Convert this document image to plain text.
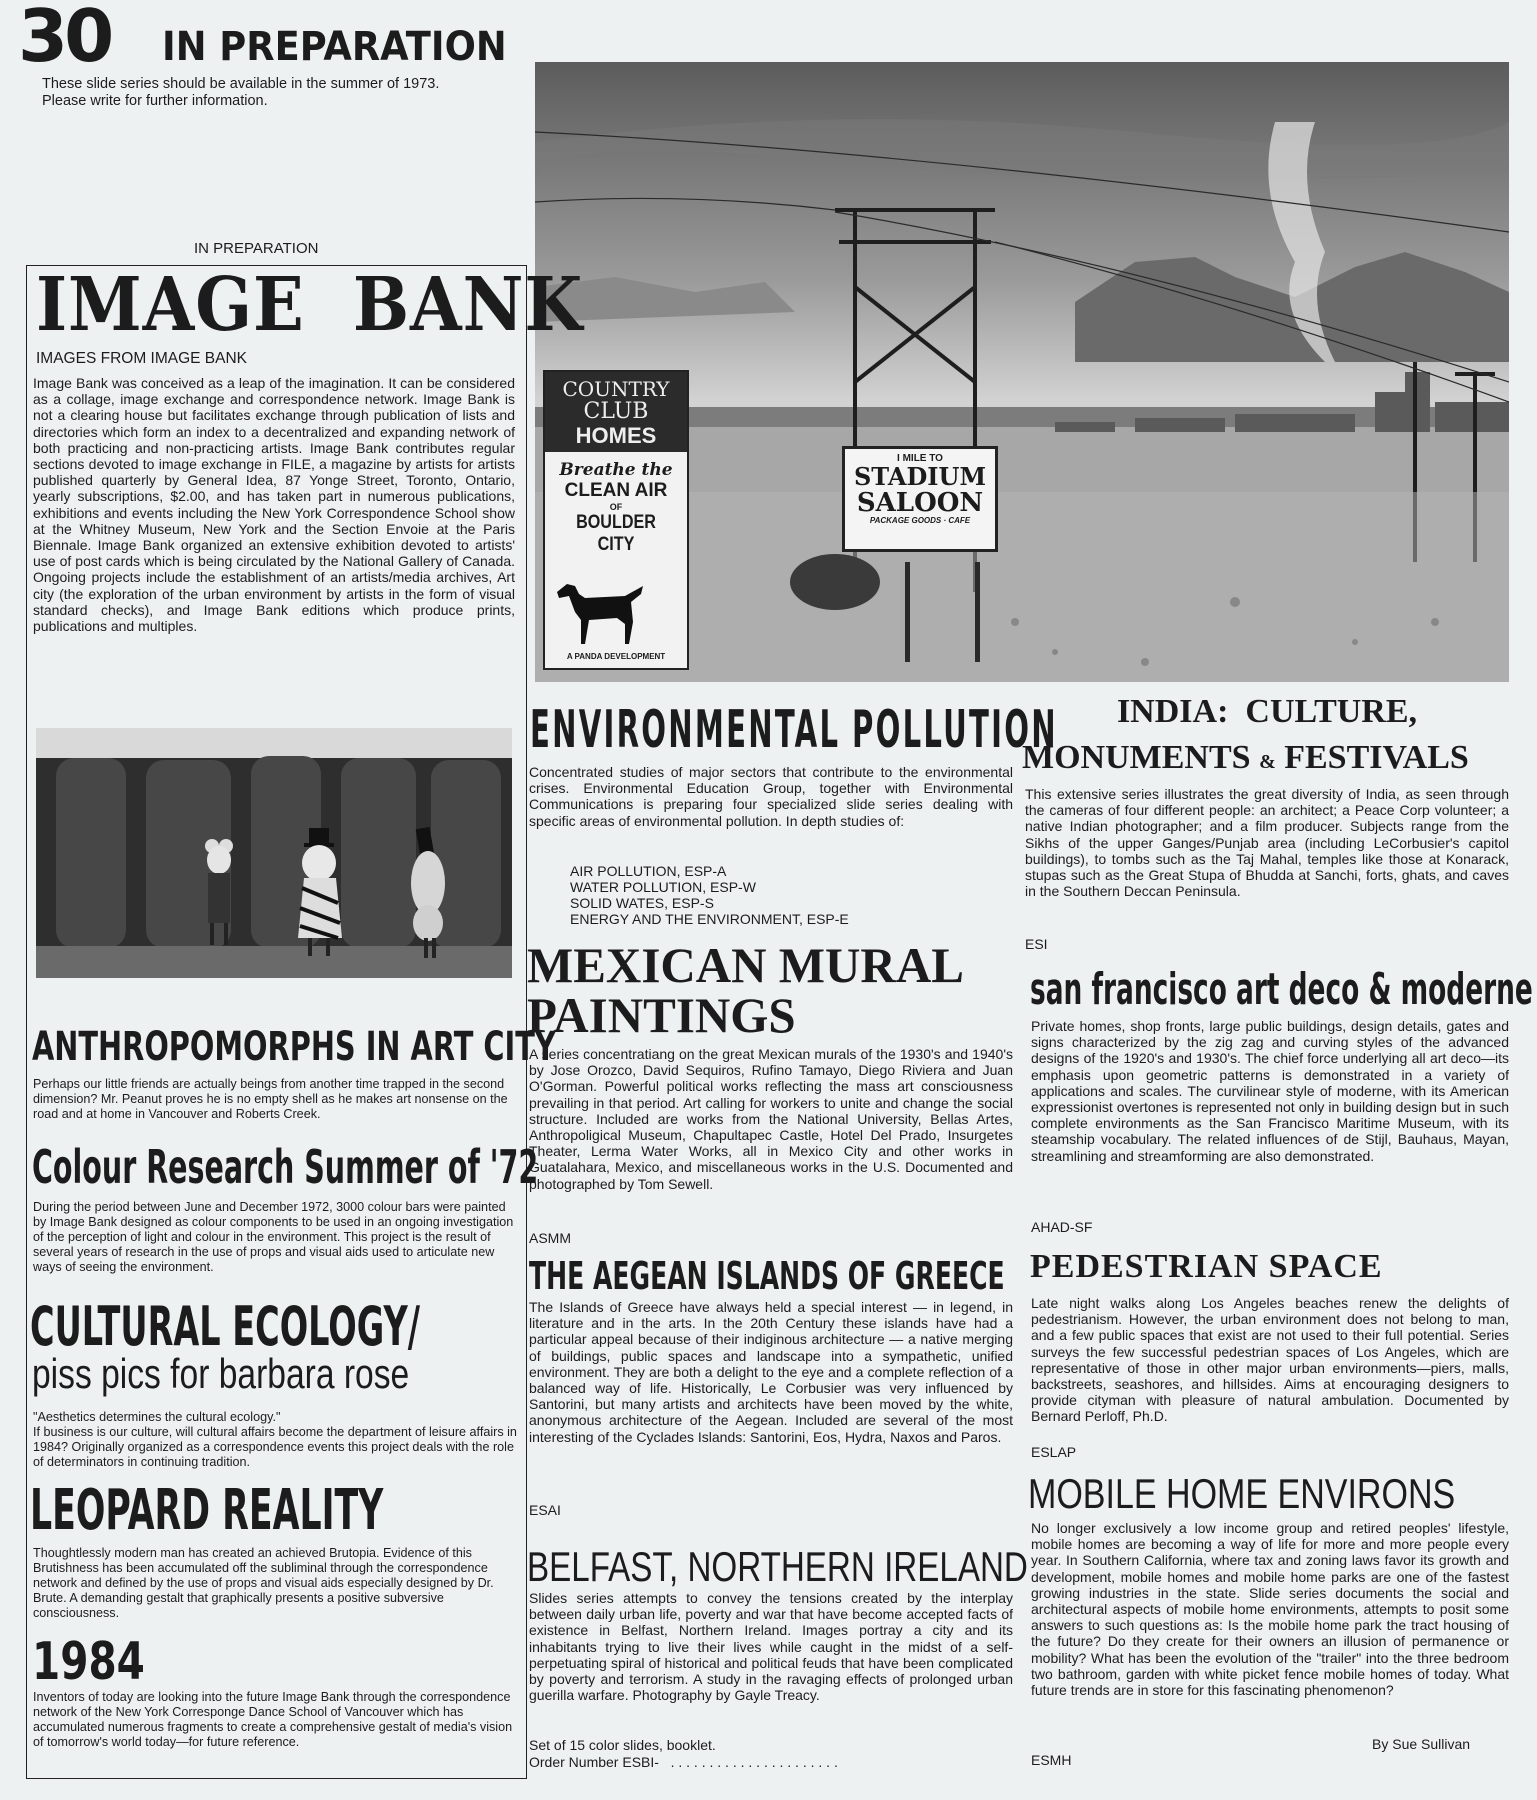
30 IN PREPARATION
These slide series should be available in the summer of 1973.
Please write for further information.
COUNTRY
CLUB
HOMES
Breathe the
CLEAN AIR
OF
BOULDER CITY
A PANDA DEVELOPMENT
I MILE TO
STADIUM
SALOON
PACKAGE GOODS · CAFE
IN PREPARATION
IMAGE  BANK
IMAGES FROM IMAGE BANK

Image Bank was conceived as a leap of the imagination. It can be considered as a collage, image exchange and correspondence network. Image Bank is not a clearing house but facilitates exchange through publication of lists and directories which form an index to a decentralized and expanding network of both practicing and non-practicing artists. Image Bank contributes regular sections devoted to image exchange in FILE, a magazine by artists for artists published quarterly by General Idea, 87 Yonge Street, Toronto, Ontario, yearly subscriptions, $2.00, and has taken part in numerous publications, exhibitions and events including the New York Correspondence School show at the Whitney Museum, New York and the Section Envoie at the Paris Biennale. Image Bank organized an extensive exhibition devoted to artists' use of post cards which is being circulated by the National Gallery of Canada. Ongoing projects include the establishment of an artists/media archives, Art city (the exploration of the urban environment by artists in the form of visual standard checks), and Image Bank editions which produce prints, publications and multiples.

ANTHROPOMORPHS IN ART CITY

Perhaps our little friends are actually beings from another time trapped in the second dimension? Mr. Peanut proves he is no empty shell as he makes art nonsense on the road and at home in Vancouver and Roberts Creek.

Colour Research Summer of '72

During the period between June and December 1972, 3000 colour bars were painted by Image Bank designed as colour components to be used in an ongoing investigation of the perception of light and colour in the environment. This project is the result of several years of research in the use of props and visual aids used to articulate new ways of seeing the environment.

CULTURAL ECOLOGY/
piss pics for barbara rose

"Aesthetics determines the cultural ecology."
If business is our culture, will cultural affairs become the department of leisure affairs in 1984? Originally organized as a correspondence events this project deals with the role of determinators in continuing tradition.

LEOPARD REALITY

Thoughtlessly modern man has created an achieved Brutopia. Evidence of this Brutishness has been accumulated off the subliminal through the correspondence network and defined by the use of props and visual aids especially designed by Dr. Brute. A demanding gestalt that graphically presents a positive subversive consciousness.

1984

Inventors of today are looking into the future Image Bank through the correspondence network of the New York Corresponge Dance School of Vancouver which has accumulated numerous fragments to create a comprehensive gestalt of media's vision of tomorrow's world today—for future reference.

ENVIRONMENTAL POLLUTION

Concentrated studies of major sectors that contribute to the environmental crises. Environmental Education Group, together with Environmental Communications is preparing four specialized slide series dealing with specific areas of environmental pollution. In depth studies of:

AIR POLLUTION, ESP-A
WATER POLLUTION, ESP-W
SOLID WATES, ESP-S
ENERGY AND THE ENVIRONMENT, ESP-E
MEXICAN MURAL
PAINTINGS

A series concentratiang on the great Mexican murals of the 1930's and 1940's by Jose Orozco, David Sequiros, Rufino Tamayo, Diego Riviera and Juan O'Gorman. Powerful political works reflecting the mass art consciousness prevailing in that period. Art calling for workers to unite and change the social structure. Included are works from the National University, Bellas Artes, Anthropoligical Museum, Chapultapec Castle, Hotel Del Prado, Insurgetes Theater, Lerma Water Works, all in Mexico City and other works in Guatalahara, Mexico, and miscellaneous works in the U.S. Documented and photographed by Tom Sewell.

ASMM
THE AEGEAN ISLANDS OF GREECE

The Islands of Greece have always held a special interest — in legend, in literature and in the arts. In the 20th Century these islands have had a particular appeal because of their indiginous architecture — a native merging of buildings, public spaces and landscape into a sympathetic, unified environment. They are both a delight to the eye and a complete reflection of a balanced way of life. Historically, Le Corbusier was very influenced by Santorini, but many artists and architects have been moved by the white, anonymous architecture of the Aegean. Included are several of the most interesting of the Cyclades Islands: Santorini, Eos, Hydra, Naxos and Paros.

ESAI
BELFAST, NORTHERN IRELAND

Slides series attempts to convey the tensions created by the interplay between daily urban life, poverty and war that have become accepted facts of existence in Belfast, Northern Ireland. Images portray a city and its inhabitants trying to live their lives while caught in the midst of a self-perpetuating spiral of historical and political feuds that have been complicated by poverty and terrorism. A study in the ravaging effects of prolonged urban guerilla warfare. Photography by Gayle Treacy.

Set of 15 color slides, booklet.
Order Number ESBI-   . . . . . . . . . . . . . . . . . . . . . .
INDIA:  CULTURE,
MONUMENTS & FESTIVALS

This extensive series illustrates the great diversity of India, as seen through the cameras of four different people: an architect; a Peace Corp volunteer; a native Indian photographer; and a film producer. Subjects range from the Sikhs of the upper Ganges/Punjab area (including LeCorbusier's capitol buildings), to tombs such as the Taj Mahal, temples like those at Konarack, stupas such as the Great Stupa of Bhudda at Sanchi, forts, ghats, and caves in the Southern Deccan Peninsula.

ESI
san francisco art deco & moderne

Private homes, shop fronts, large public buildings, design details, gates and signs characterized by the zig zag and curving styles of the advanced designs of the 1920's and 1930's. The chief force underlying all art deco—its emphasis upon geometric patterns is demonstrated in a variety of applications and scales. The curvilinear style of moderne, with its American expressionist overtones is represented not only in building design but in such complete environments as the San Francisco Maritime Museum, with its steamship vocabulary. The related influences of de Stijl, Bauhaus, Mayan, streamlining and streamforming are also demonstrated.

AHAD-SF
PEDESTRIAN SPACE

Late night walks along Los Angeles beaches renew the delights of pedestrianism. However, the urban environment does not belong to man, and a few public spaces that exist are not used to their full potential. Series surveys the few successful pedestrian spaces of Los Angeles, which are representative of those in other major urban environments—piers, malls, backstreets, seashores, and hillsides. Aims at encouraging designers to provide cityman with pleasure of natural ambulation. Documented by Bernard Perloff, Ph.D.

ESLAP
MOBILE HOME ENVIRONS

No longer exclusively a low income group and retired peoples' lifestyle, mobile homes are becoming a way of life for more and more people every year. In Southern California, where tax and zoning laws favor its growth and development, mobile homes and mobile home parks are one of the fastest growing industries in the state. Slide series documents the social and architectural aspects of mobile home environments, attempts to posit some answers to such questions as: Is the mobile home park the tract housing of the future? Do they create for their owners an illusion of permanence or mobility? What has been the evolution of the "trailer" into the three bedroom two bathroom, garden with white picket fence mobile homes of today. What future trends are in store for this fascinating phenomenon?

ESMH
By Sue Sullivan
